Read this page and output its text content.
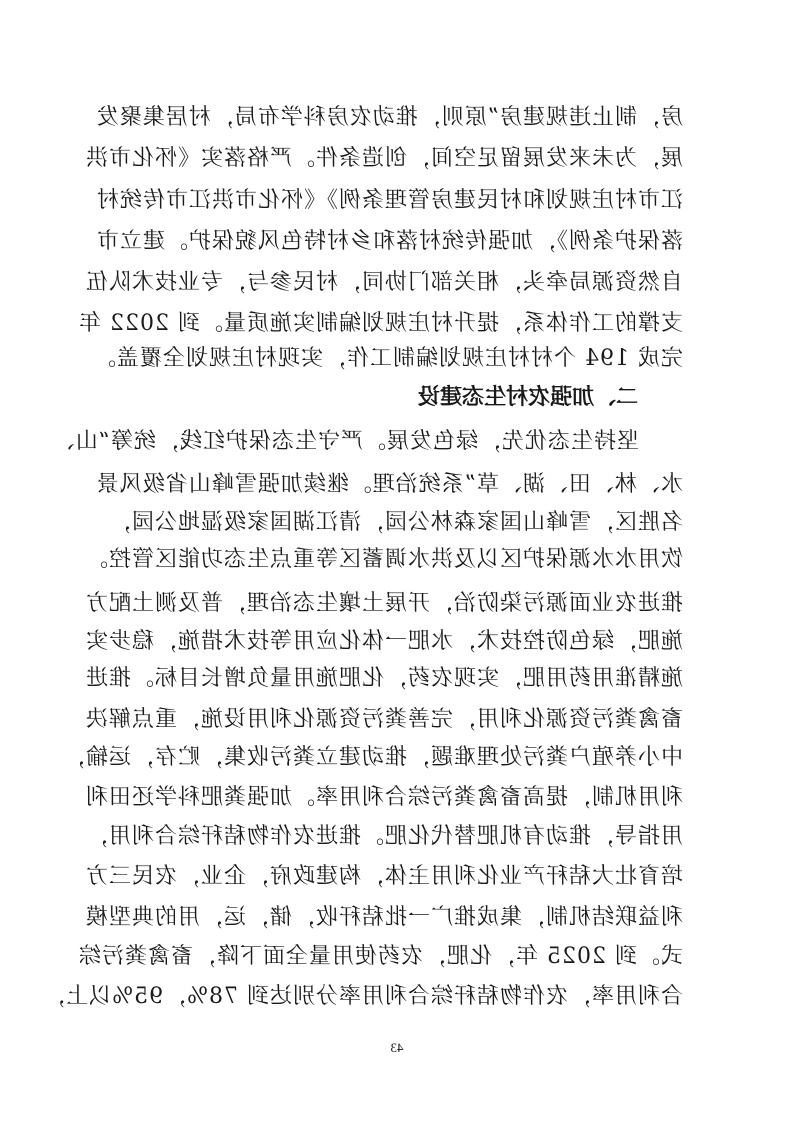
房，制止违规建房”原则，推动农房科学布局，村居集聚发
展，为未来发展留足空间，创造条件。严格落实《怀化市洪
江市村庄规划和村民建房管理条例》《怀化市洪江市传统村
落保护条例》，加强传统村落和乡村特色风貌保护。建立市
自然资源局牵头，相关部门协同，村民参与，专业技术队伍
支撑的工作体系，提升村庄规划编制实施质量。到 2022 年
完成 194 个村村庄规划编制工作，实现村庄规划全覆盖。
二、加强农村生态建设
坚持生态优先，绿色发展。严守生态保护红线，统筹“山、
水、林、田、湖、草”系统治理。继续加强雪峰山省级风景
名胜区，雪峰山国家森林公园，清江湖国家级湿地公园，
饮用水水源保护区以及洪水调蓄区等重点生态功能区管控。
推进农业面源污染防治，开展土壤生态治理，普及测土配方
施肥，绿色防控技术，水肥一体化应用等技术措施，稳步实
施精准用药用肥，实现农药，化肥施用量负增长目标。推进
畜禽粪污资源化利用，完善粪污资源化利用设施，重点解决
中小养殖户粪污处理难题，推动建立粪污收集，贮存，运输，
利用机制，提高畜禽粪污综合利用率。加强粪肥科学还田利
用指导，推动有机肥替代化肥。推进农作物秸秆综合利用，
培育壮大秸秆产业化利用主体，构建政府，企业，农民三方
利益联结机制，集成推广一批秸秆收，储，运，用的典型模
式。到 2025 年，化肥，农药使用量全面下降，畜禽粪污综
合利用率，农作物秸秆综合利用率分别达到 78%，95%以上，
43
